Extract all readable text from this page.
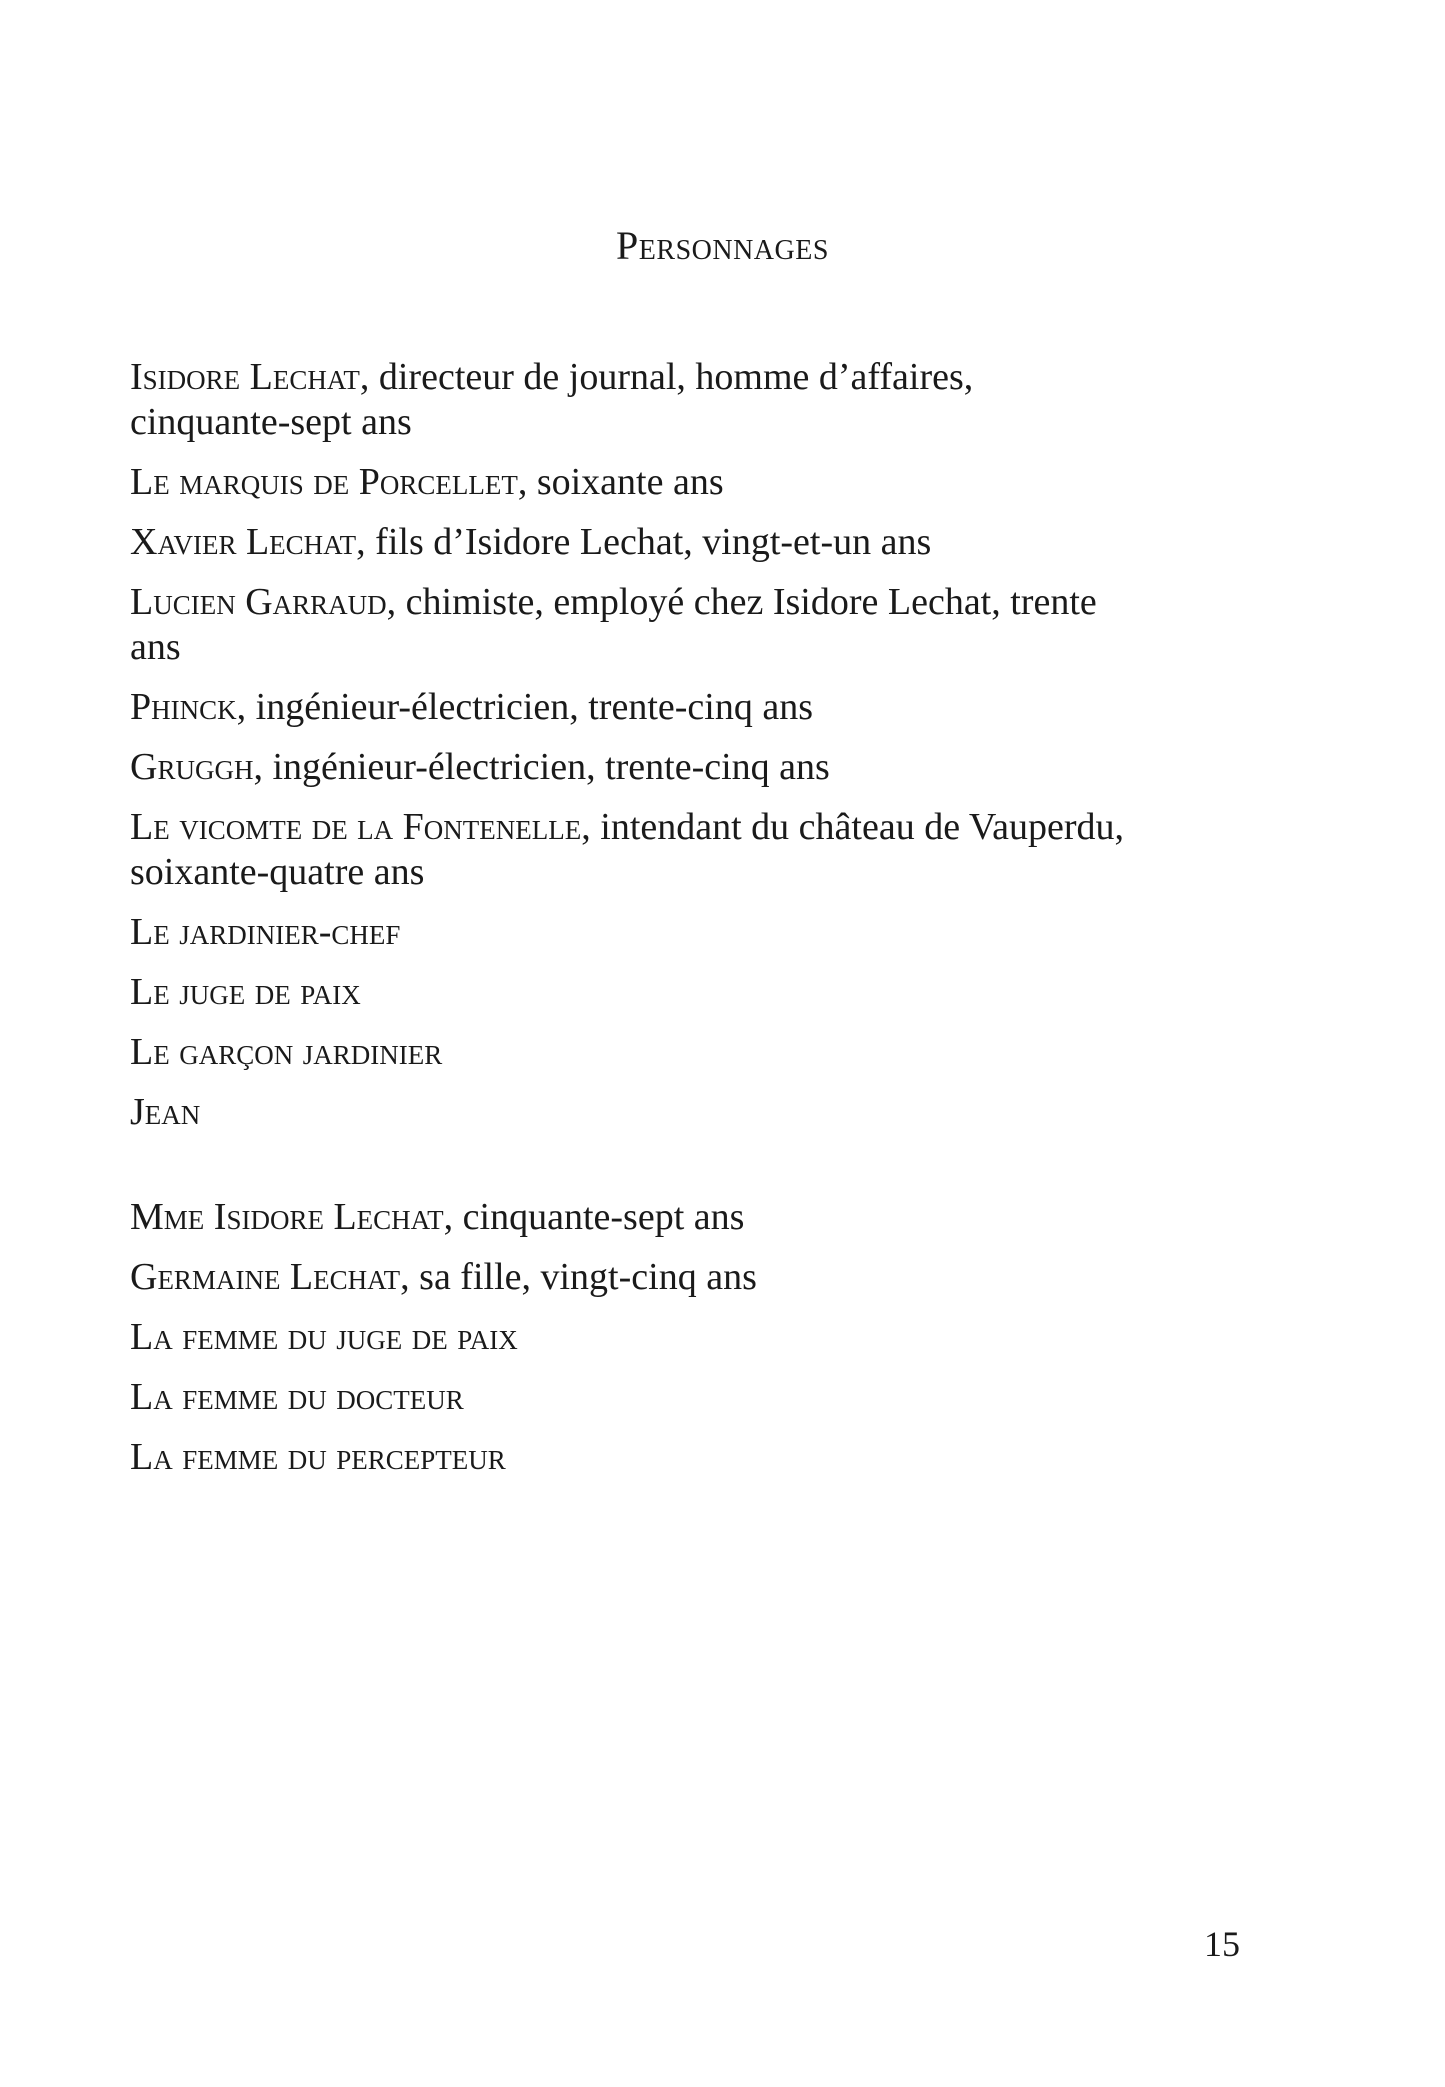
Personnages
Isidore Lechat, directeur de journal, homme d’affaires, cinquante-sept ans
Le marquis de Porcellet, soixante ans
Xavier Lechat, fils d’Isidore Lechat, vingt-et-un ans
Lucien Garraud, chimiste, employé chez Isidore Lechat, trente ans
Phinck, ingénieur-électricien, trente-cinq ans
Gruggh, ingénieur-électricien, trente-cinq ans
Le vicomte de la Fontenelle, intendant du château de Vauperdu, soixante-quatre ans
Le jardinier-chef
Le juge de paix
Le garçon jardinier
Jean
Mme Isidore Lechat, cinquante-sept ans
Germaine Lechat, sa fille, vingt-cinq ans
La femme du juge de paix
La femme du docteur
La femme du percepteur
15
